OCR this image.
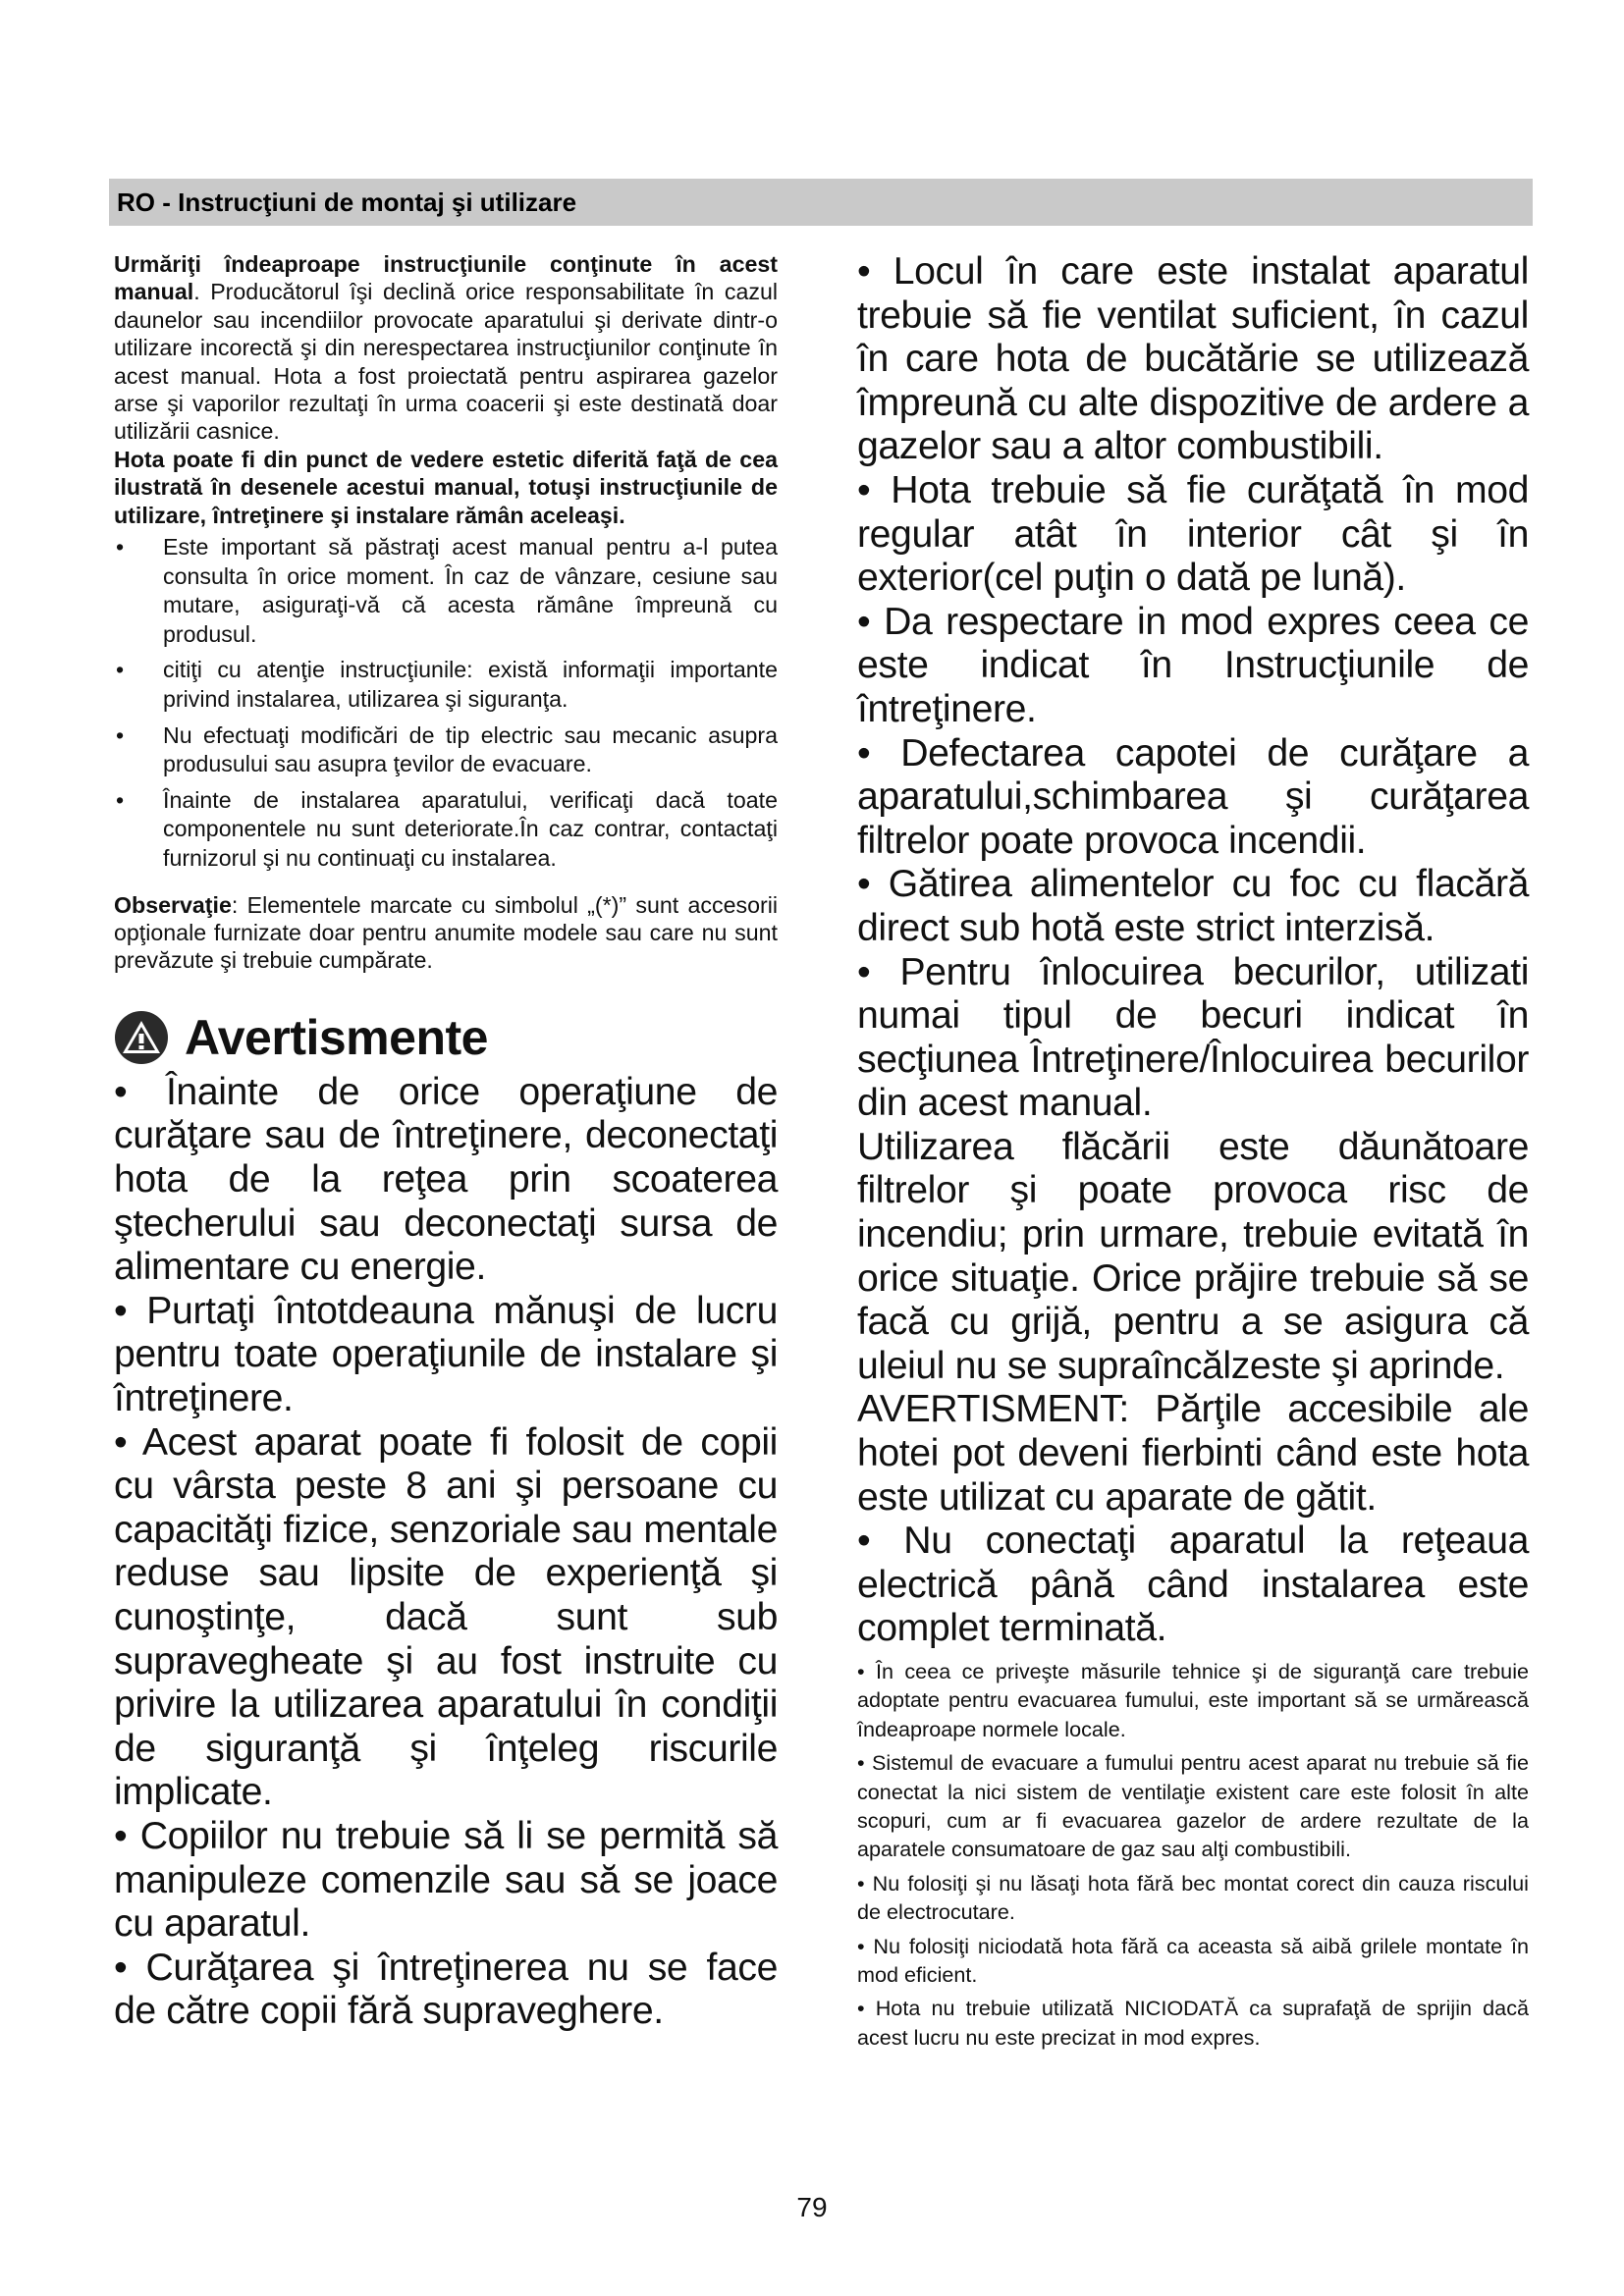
RO - Instrucţiuni de montaj şi utilizare

Urmăriţi îndeaproape instrucţiunile conţinute în acest manual. Producătorul îşi declină orice responsabilitate în cazul daunelor sau incendiilor provocate aparatului şi derivate dintr-o utilizare incorectă şi din nerespectarea instrucţiunilor conţinute în acest manual. Hota a fost proiectată pentru aspirarea gazelor arse şi vaporilor rezultaţi în urma coacerii şi este destinată doar utilizării casnice.

Hota poate fi din punct de vedere estetic diferită faţă de cea ilustrată în desenele acestui manual, totuşi instrucţiunile de utilizare, întreţinere şi instalare rămân aceleaşi.

• Este important să păstraţi acest manual pentru a-l putea consulta în orice moment. În caz de vânzare, cesiune sau mutare, asiguraţi-vă că acesta rămâne împreună cu produsul.
• citiţi cu atenţie instrucţiunile: există informaţii importante privind instalarea, utilizarea şi siguranţa.
• Nu efectuaţi modificări de tip electric sau mecanic asupra produsului sau asupra ţevilor de evacuare.
• Înainte de instalarea aparatului, verificaţi dacă toate componentele nu sunt deteriorate.În caz contrar, contactaţi furnizorul şi nu continuaţi cu instalarea.

Observaţie: Elementele marcate cu simbolul „(*)” sunt accesorii opţionale furnizate doar pentru anumite modele sau care nu sunt prevăzute şi trebuie cumpărate.

Avertismente

• Înainte de orice operaţiune de curăţare sau de întreţinere, deconectaţi hota de la reţea prin scoaterea ştecherului sau deconectaţi sursa de alimentare cu energie.

• Purtaţi întotdeauna mănuşi de lucru pentru toate operaţiunile de instalare şi întreţinere.

• Acest aparat poate fi folosit de copii cu vârsta peste 8 ani şi persoane cu capacităţi fizice, senzoriale sau mentale reduse sau lipsite de experienţă şi cunoştinţe, dacă sunt sub supravegheate şi au fost instruite cu privire la utilizarea aparatului în condiţii de siguranţă şi înţeleg riscurile implicate.

• Copiilor nu trebuie să li se permită să manipuleze comenzile sau să se joace cu aparatul.

• Curăţarea şi întreţinerea nu se face de către copii fără supraveghere.

• Locul în care este instalat aparatul trebuie să fie ventilat suficient, în cazul în care hota de bucătărie se utilizează împreună cu alte dispozitive de ardere a gazelor sau a altor combustibili.

• Hota trebuie să fie curăţată în mod regular atât în interior cât şi în exterior(cel puţin o dată pe lună).

• Da respectare in mod expres ceea ce este indicat în Instrucţiunile de întreţinere.

• Defectarea capotei de curăţare a aparatului,schimbarea şi curăţarea filtrelor poate provoca incendii.

• Gătirea alimentelor cu foc cu flacără direct sub hotă este strict interzisă.

• Pentru înlocuirea becurilor, utilizati numai tipul de becuri indicat în secţiunea Întreţinere/Înlocuirea becurilor din acest manual.

Utilizarea flăcării este dăunătoare filtrelor şi poate provoca risc de incendiu; prin urmare, trebuie evitată în orice situaţie. Orice prăjire trebuie să se facă cu grijă, pentru a se asigura că uleiul nu se supraîncălzeste şi aprinde.

AVERTISMENT: Părţile accesibile ale hotei pot deveni fierbinti când este hota este utilizat cu aparate de gătit.

• Nu conectaţi aparatul la reţeaua electrică până când instalarea este complet terminată.

• În ceea ce priveşte măsurile tehnice şi de siguranţă care trebuie adoptate pentru evacuarea fumului, este important să se urmărească îndeaproape normele locale.

• Sistemul de evacuare a fumului pentru acest aparat nu trebuie să fie conectat la nici sistem de ventilaţie existent care este folosit în alte scopuri, cum ar fi evacuarea gazelor de ardere rezultate de la aparatele consumatoare de gaz sau alţi combustibili.

• Nu folosiţi şi nu lăsaţi hota fără bec montat corect din cauza riscului de electrocutare.

• Nu folosiţi niciodată hota fără ca aceasta să aibă grilele montate în mod eficient.

• Hota nu trebuie utilizată NICIODATĂ ca suprafaţă de sprijin dacă acest lucru nu este precizat in mod expres.

79
